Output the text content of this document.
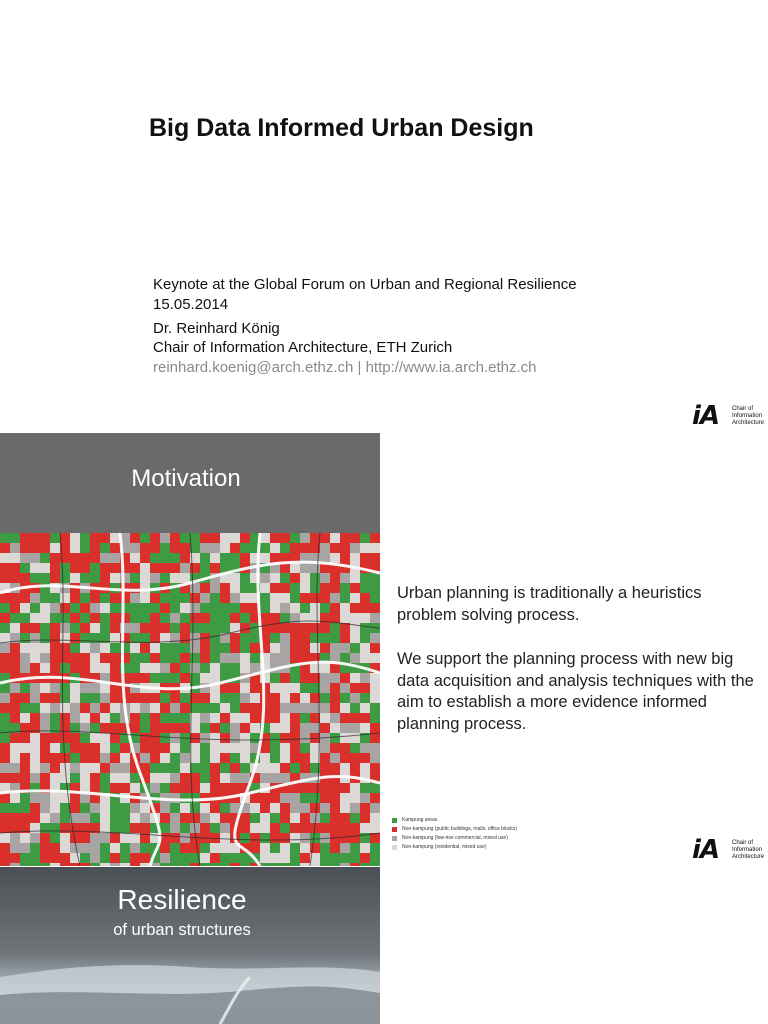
Big Data Informed Urban Design
Keynote at the Global Forum on Urban and Regional Resilience
15.05.2014
Dr. Reinhard König
Chair of Information Architecture, ETH Zurich
reinhard.koenig@arch.ethz.ch | http://www.ia.arch.ethz.ch
iA Chair of
Information
Architecture
Motivation
Urban planning is traditionally a heuristics problem solving process.
We support the planning process with new big data acquisition and analysis techniques with the aim to establish a more evidence informed planning process.
Kampung areas
Non-kampung (public buildings, malls, office blocks)
Non-kampung (low-rise commercial, mixed use)
Non-kampung (residential, mixed use)	iA Chair of
Information
Architecture
Resilience
of urban structures
